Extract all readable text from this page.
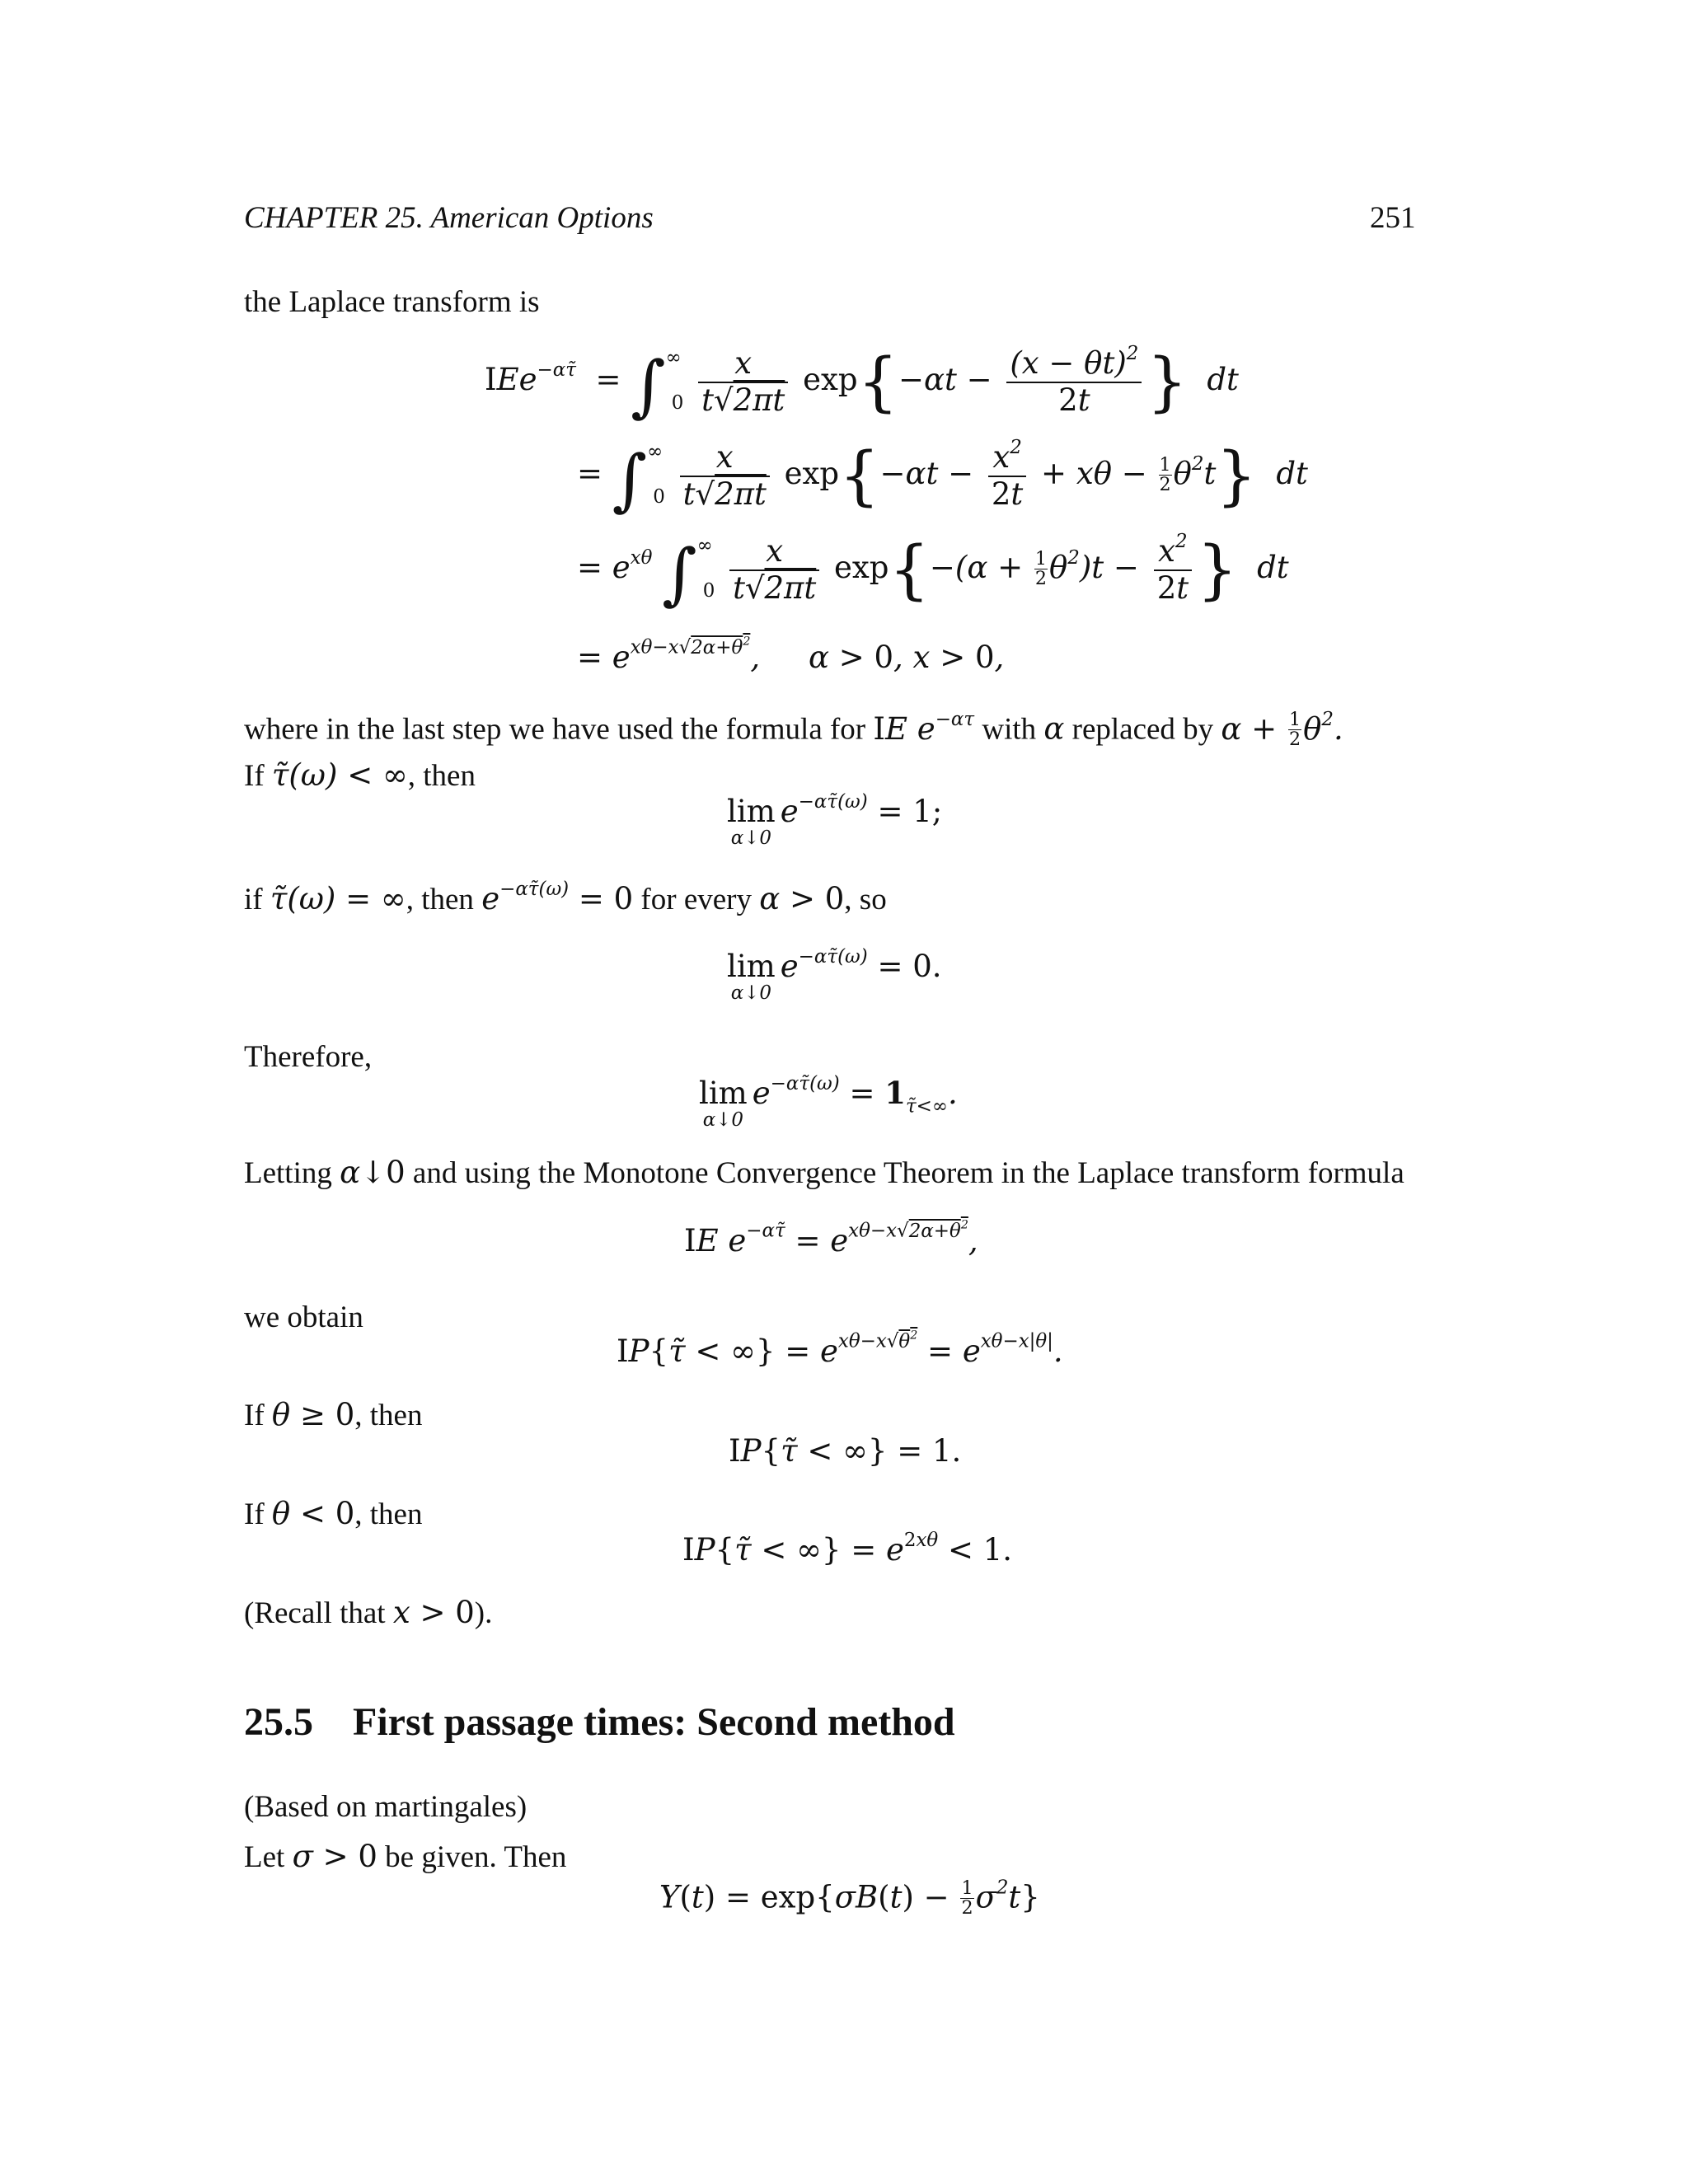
CHAPTER 25. American Options	251
the Laplace transform is
$IEe^{-\alpha\taũ} = \int^\infty_0 \frac{x}{t√2\pi t} \exp\{-\alpha t - \frac{(x - \theta t)^2}{2t}$ }  dt
= $\int^\infty_0 \frac{x}{t√2\pi t} \exp\{-\alpha t - \frac{x^2}{2t} + x\theta - \frac{1}{2} \theta^2t\}$  dt
= $e^{x\theta}$ $\int^\infty_0 \frac{x}{t√2\pi t} \exp\{-(\alpha + \frac{1}{2} \theta^2)t - \frac{x^2}{2t}$ }  dt
= $e^{x\theta-x√2\alpha+\theta^2}$,     α > 0, x > 0,
where in the last step we have used the formula for IE $e^{-\alpha\tau}$ with α replaced by $\alpha + \frac{1}{2} \theta^2$.
If τ̃(ω) < ∞, then
lim
α↓0
$e^{-\alpha\taũ(\omega)} = 1$;
if τ̃(ω) = ∞, then $e^{-\alpha\taũ(\omega)} = 0$ for every α > 0, so
lim
α↓0
$e^{-\alpha\taũ(\omega)} = 0$.
Therefore,
lim
α↓0
$e^{-\alpha\taũ(\omega)} = 1_{\taũ<\infty}$.
Letting α↓0 and using the Monotone Convergence Theorem in the Laplace transform formula
IE $e^{-\alpha\taũ} = e^{x\theta-x√2\alpha+\theta^2}$,
we obtain
IP{τ̃ < ∞} = $e^{x\theta-x√\theta^2} = e^{x\theta-x|\theta|}$.
If θ ≥ 0, then
IP{τ̃ < ∞} = 1.
If θ < 0, then
IP{τ̃ < ∞} = $e^{2x\theta} < 1$.
(Recall that x > 0).
25.5 First passage times: Second method
(Based on martingales)
Let σ > 0 be given. Then
$Y(t) = \exp\{\sigma B(t) - \frac{1}{2} \sigma^2t\}$
